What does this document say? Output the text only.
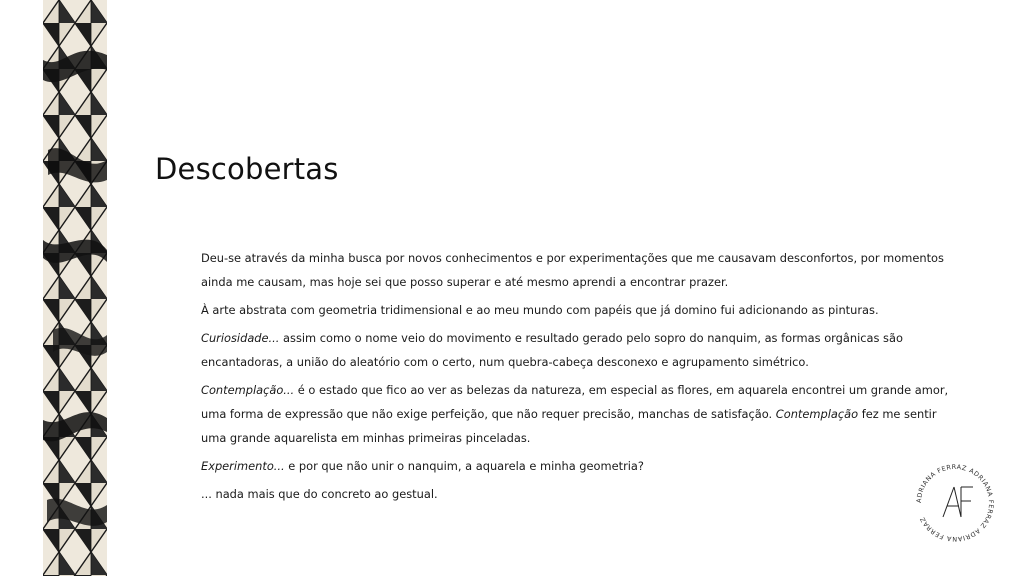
Descobertas

Deu-se através da minha busca por novos conhecimentos e por experimentações que me causavam desconfortos, por momentos ainda me causam, mas hoje sei que posso superar e até mesmo aprendi a encontrar prazer.

À arte abstrata com geometria tridimensional e ao meu mundo com papéis que já domino fui adicionando as pinturas.

Curiosidade... assim como o nome veio do movimento e resultado gerado pelo sopro do nanquim, as formas orgânicas são encantadoras, a união do aleatório com o certo, num quebra-cabeça desconexo e agrupamento simétrico.

Contemplação... é o estado que fico ao ver as belezas da natureza, em especial as flores, em aquarela encontrei um grande amor, uma forma de expressão que não exige perfeição, que não requer precisão, manchas de satisfação. Contemplação fez me sentir uma grande aquarelista em minhas primeiras pinceladas.

Experimento... e por que não unir o nanquim, a aquarela e minha geometria?

... nada mais que do concreto ao gestual.	ADRIANA FERRAZ ADRIANA FERRAZ ADRIANA FERRAZ
